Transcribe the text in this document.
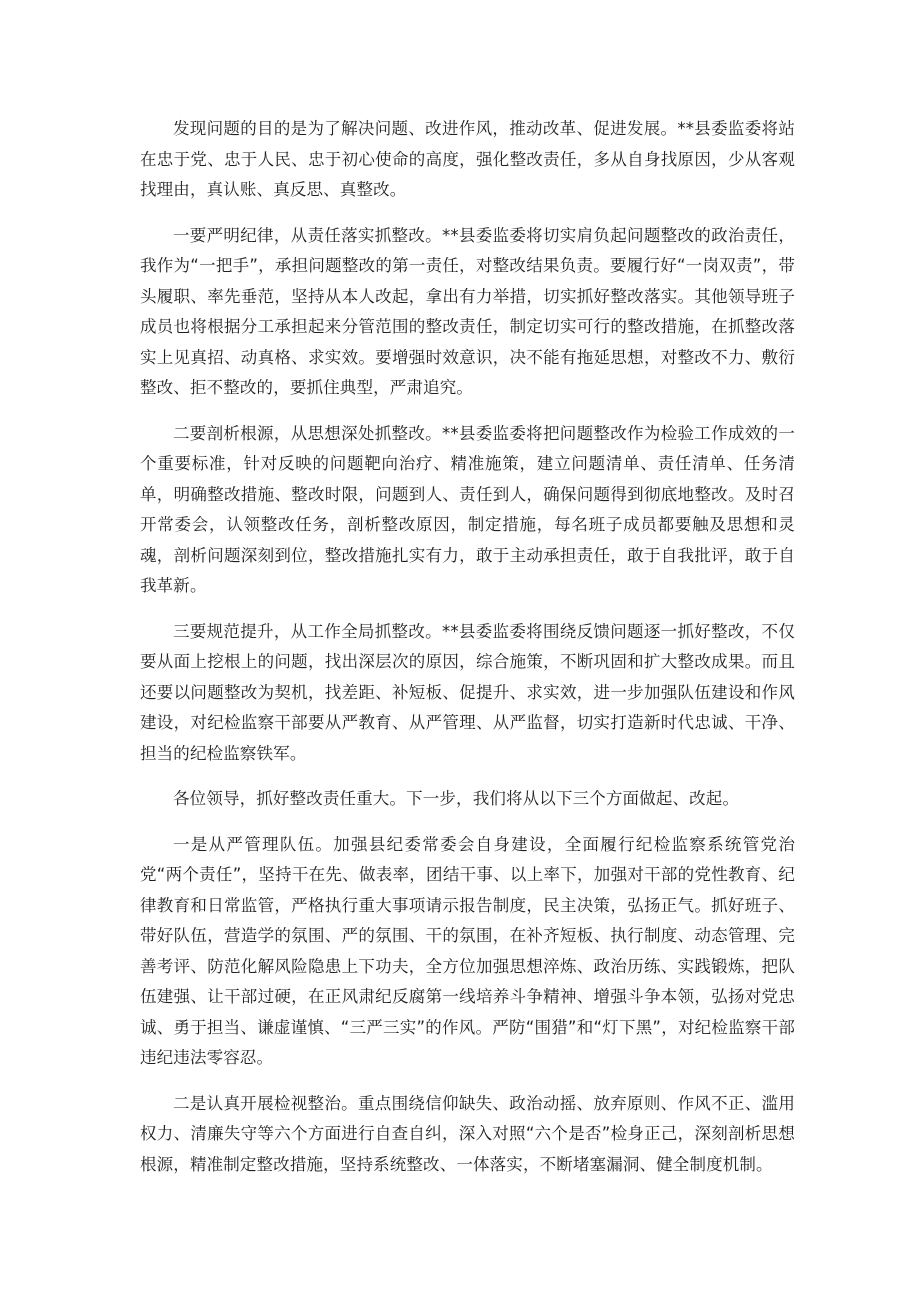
发现问题的目的是为了解决问题、改进作风，推动改革、促进发展。**县委监委将站在忠于党、忠于人民、忠于初心使命的高度，强化整改责任，多从自身找原因，少从客观找理由，真认账、真反思、真整改。

一要严明纪律，从责任落实抓整改。**县委监委将切实肩负起问题整改的政治责任，我作为“一把手”，承担问题整改的第一责任，对整改结果负责。要履行好“一岗双责”，带头履职、率先垂范，坚持从本人改起，拿出有力举措，切实抓好整改落实。其他领导班子成员也将根据分工承担起来分管范围的整改责任，制定切实可行的整改措施，在抓整改落实上见真招、动真格、求实效。要增强时效意识，决不能有拖延思想，对整改不力、敷衍整改、拒不整改的，要抓住典型，严肃追究。

二要剖析根源，从思想深处抓整改。**县委监委将把问题整改作为检验工作成效的一个重要标准，针对反映的问题靶向治疗、精准施策，建立问题清单、责任清单、任务清单，明确整改措施、整改时限，问题到人、责任到人，确保问题得到彻底地整改。及时召开常委会，认领整改任务，剖析整改原因，制定措施，每名班子成员都要触及思想和灵魂，剖析问题深刻到位，整改措施扎实有力，敢于主动承担责任，敢于自我批评，敢于自我革新。

三要规范提升，从工作全局抓整改。**县委监委将围绕反馈问题逐一抓好整改，不仅要从面上挖根上的问题，找出深层次的原因，综合施策，不断巩固和扩大整改成果。而且还要以问题整改为契机，找差距、补短板、促提升、求实效，进一步加强队伍建设和作风建设，对纪检监察干部要从严教育、从严管理、从严监督，切实打造新时代忠诚、干净、担当的纪检监察铁军。

各位领导，抓好整改责任重大。下一步，我们将从以下三个方面做起、改起。

一是从严管理队伍。加强县纪委常委会自身建设，全面履行纪检监察系统管党治党“两个责任”，坚持干在先、做表率，团结干事、以上率下，加强对干部的党性教育、纪律教育和日常监管，严格执行重大事项请示报告制度，民主决策，弘扬正气。抓好班子、带好队伍，营造学的氛围、严的氛围、干的氛围，在补齐短板、执行制度、动态管理、完善考评、防范化解风险隐患上下功夫，全方位加强思想淬炼、政治历练、实践锻炼，把队伍建强、让干部过硬，在正风肃纪反腐第一线培养斗争精神、增强斗争本领，弘扬对党忠诚、勇于担当、谦虚谨慎、“三严三实”的作风。严防“围猎”和“灯下黑”，对纪检监察干部违纪违法零容忍。

二是认真开展检视整治。重点围绕信仰缺失、政治动摇、放弃原则、作风不正、滥用权力、清廉失守等六个方面进行自查自纠，深入对照“六个是否”检身正己，深刻剖析思想根源，精准制定整改措施，坚持系统整改、一体落实，不断堵塞漏洞、健全制度机制。
